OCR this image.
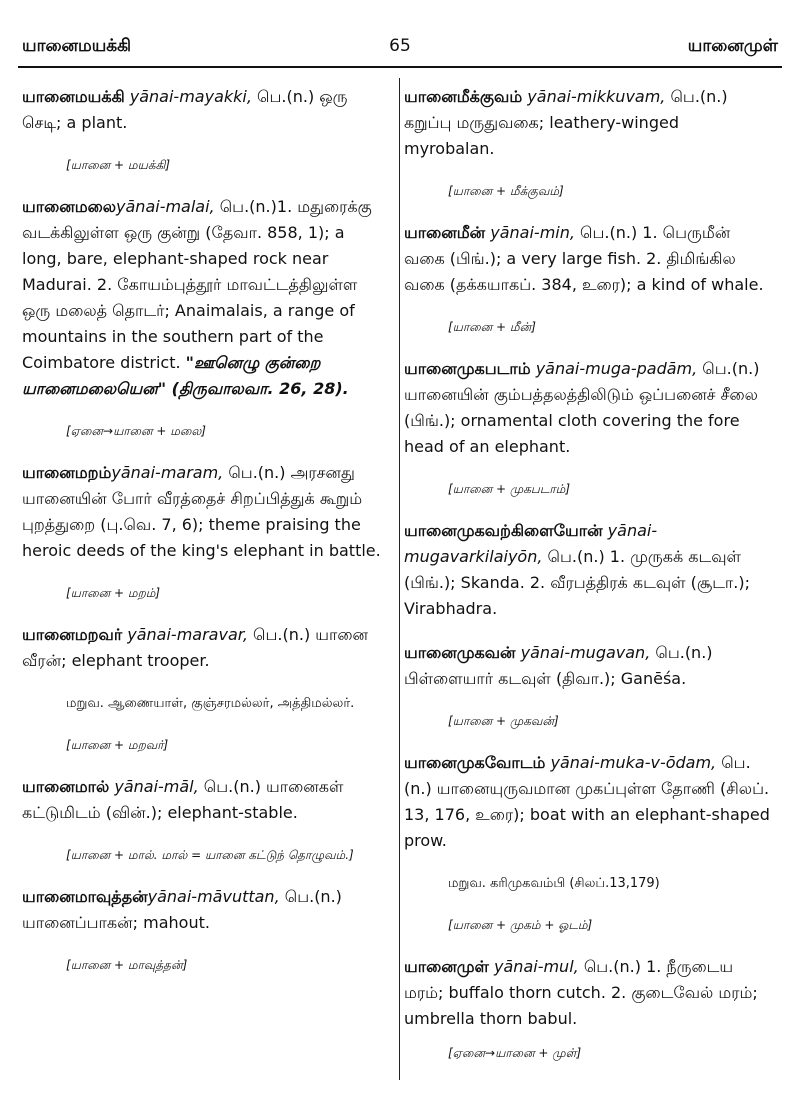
யானைமயக்கி	65	யானைமுள்

யானைமயக்கி yānai-mayakki, பெ.(n.) ஒரு செடி; a plant.

[யானை + மயக்கி]

யானைமலைyānai-malai, பெ.(n.)1. மதுரைக்கு வடக்கிலுள்ள ஒரு குன்று (தேவா. 858, 1); a long, bare, elephant-shaped rock near Madurai. 2. கோயம்புத்தூர் மாவட்டத்திலுள்ள ஒரு மலைத் தொடர்; Anaimalais, a range of mountains in the southern part of the Coimbatore district. "ஊனெழு குன்றை யானைமலையென" (திருவாலவா. 26, 28).

[ஏனை→யானை + மலை]

யானைமறம்yānai-maram, பெ.(n.) அரசனது யானையின் போர் வீரத்தைச் சிறப்பித்துக் கூறும் புறத்துறை (பு.வெ. 7, 6); theme praising the heroic deeds of the king's elephant in battle.

[யானை + மறம்]

யானைமறவர் yānai-maravar, பெ.(n.) யானை வீரன்; elephant trooper.

மறுவ. ஆணையாள், குஞ்சரமல்லர், அத்திமல்லர்.
[யானை + மறவர்]

யானைமால் yānai-māl, பெ.(n.) யானைகள் கட்டுமிடம் (வின்.); elephant-stable.

[யானை + மால். மால் = யானை கட்டுந் தொழுவம்.]

யானைமாவுத்தன்yānai-māvuttan, பெ.(n.) யானைப்பாகன்; mahout.

[யானை + மாவுத்தன்]

யானைமீக்குவம் yānai-mikkuvam, பெ.(n.) கறுப்பு மருதுவகை; leathery-winged myrobalan.

[யானை + மீக்குவம்]

யானைமீன் yānai-min, பெ.(n.) 1. பெருமீன் வகை (பிங்.); a very large fish. 2. திமிங்கில வகை (தக்கயாகப். 384, உரை); a kind of whale.

[யானை + மீன்]

யானைமுகபடாம் yānai-muga-padām, பெ.(n.) யானையின் கும்பத்தலத்திலிடும் ஒப்பனைச் சீலை (பிங்.); ornamental cloth covering the fore head of an elephant.

[யானை + முகபடாம்]

யானைமுகவற்கிளையோன் yānai-mugavarkilaiyōn, பெ.(n.) 1. முருகக் கடவுள் (பிங்.); Skanda. 2. வீரபத்திரக் கடவுள் (சூடா.); Virabhadra.

யானைமுகவன் yānai-mugavan, பெ.(n.) பிள்ளையார் கடவுள் (திவா.); Ganēśa.

[யானை + முகவன்]

யானைமுகவோடம் yānai-muka-v-ōdam, பெ.(n.) யானையுருவமான முகப்புள்ள தோணி (சிலப். 13, 176, உரை); boat with an elephant-shaped prow.

மறுவ. கரிமுகவம்பி (சிலப்.13,179)
[யானை + முகம் + ஓடம்]

யானைமுள் yānai-mul, பெ.(n.) 1. நீருடைய மரம்; buffalo thorn cutch. 2. குடைவேல் மரம்; umbrella thorn babul.

[ஏனை→யானை + முள்]
